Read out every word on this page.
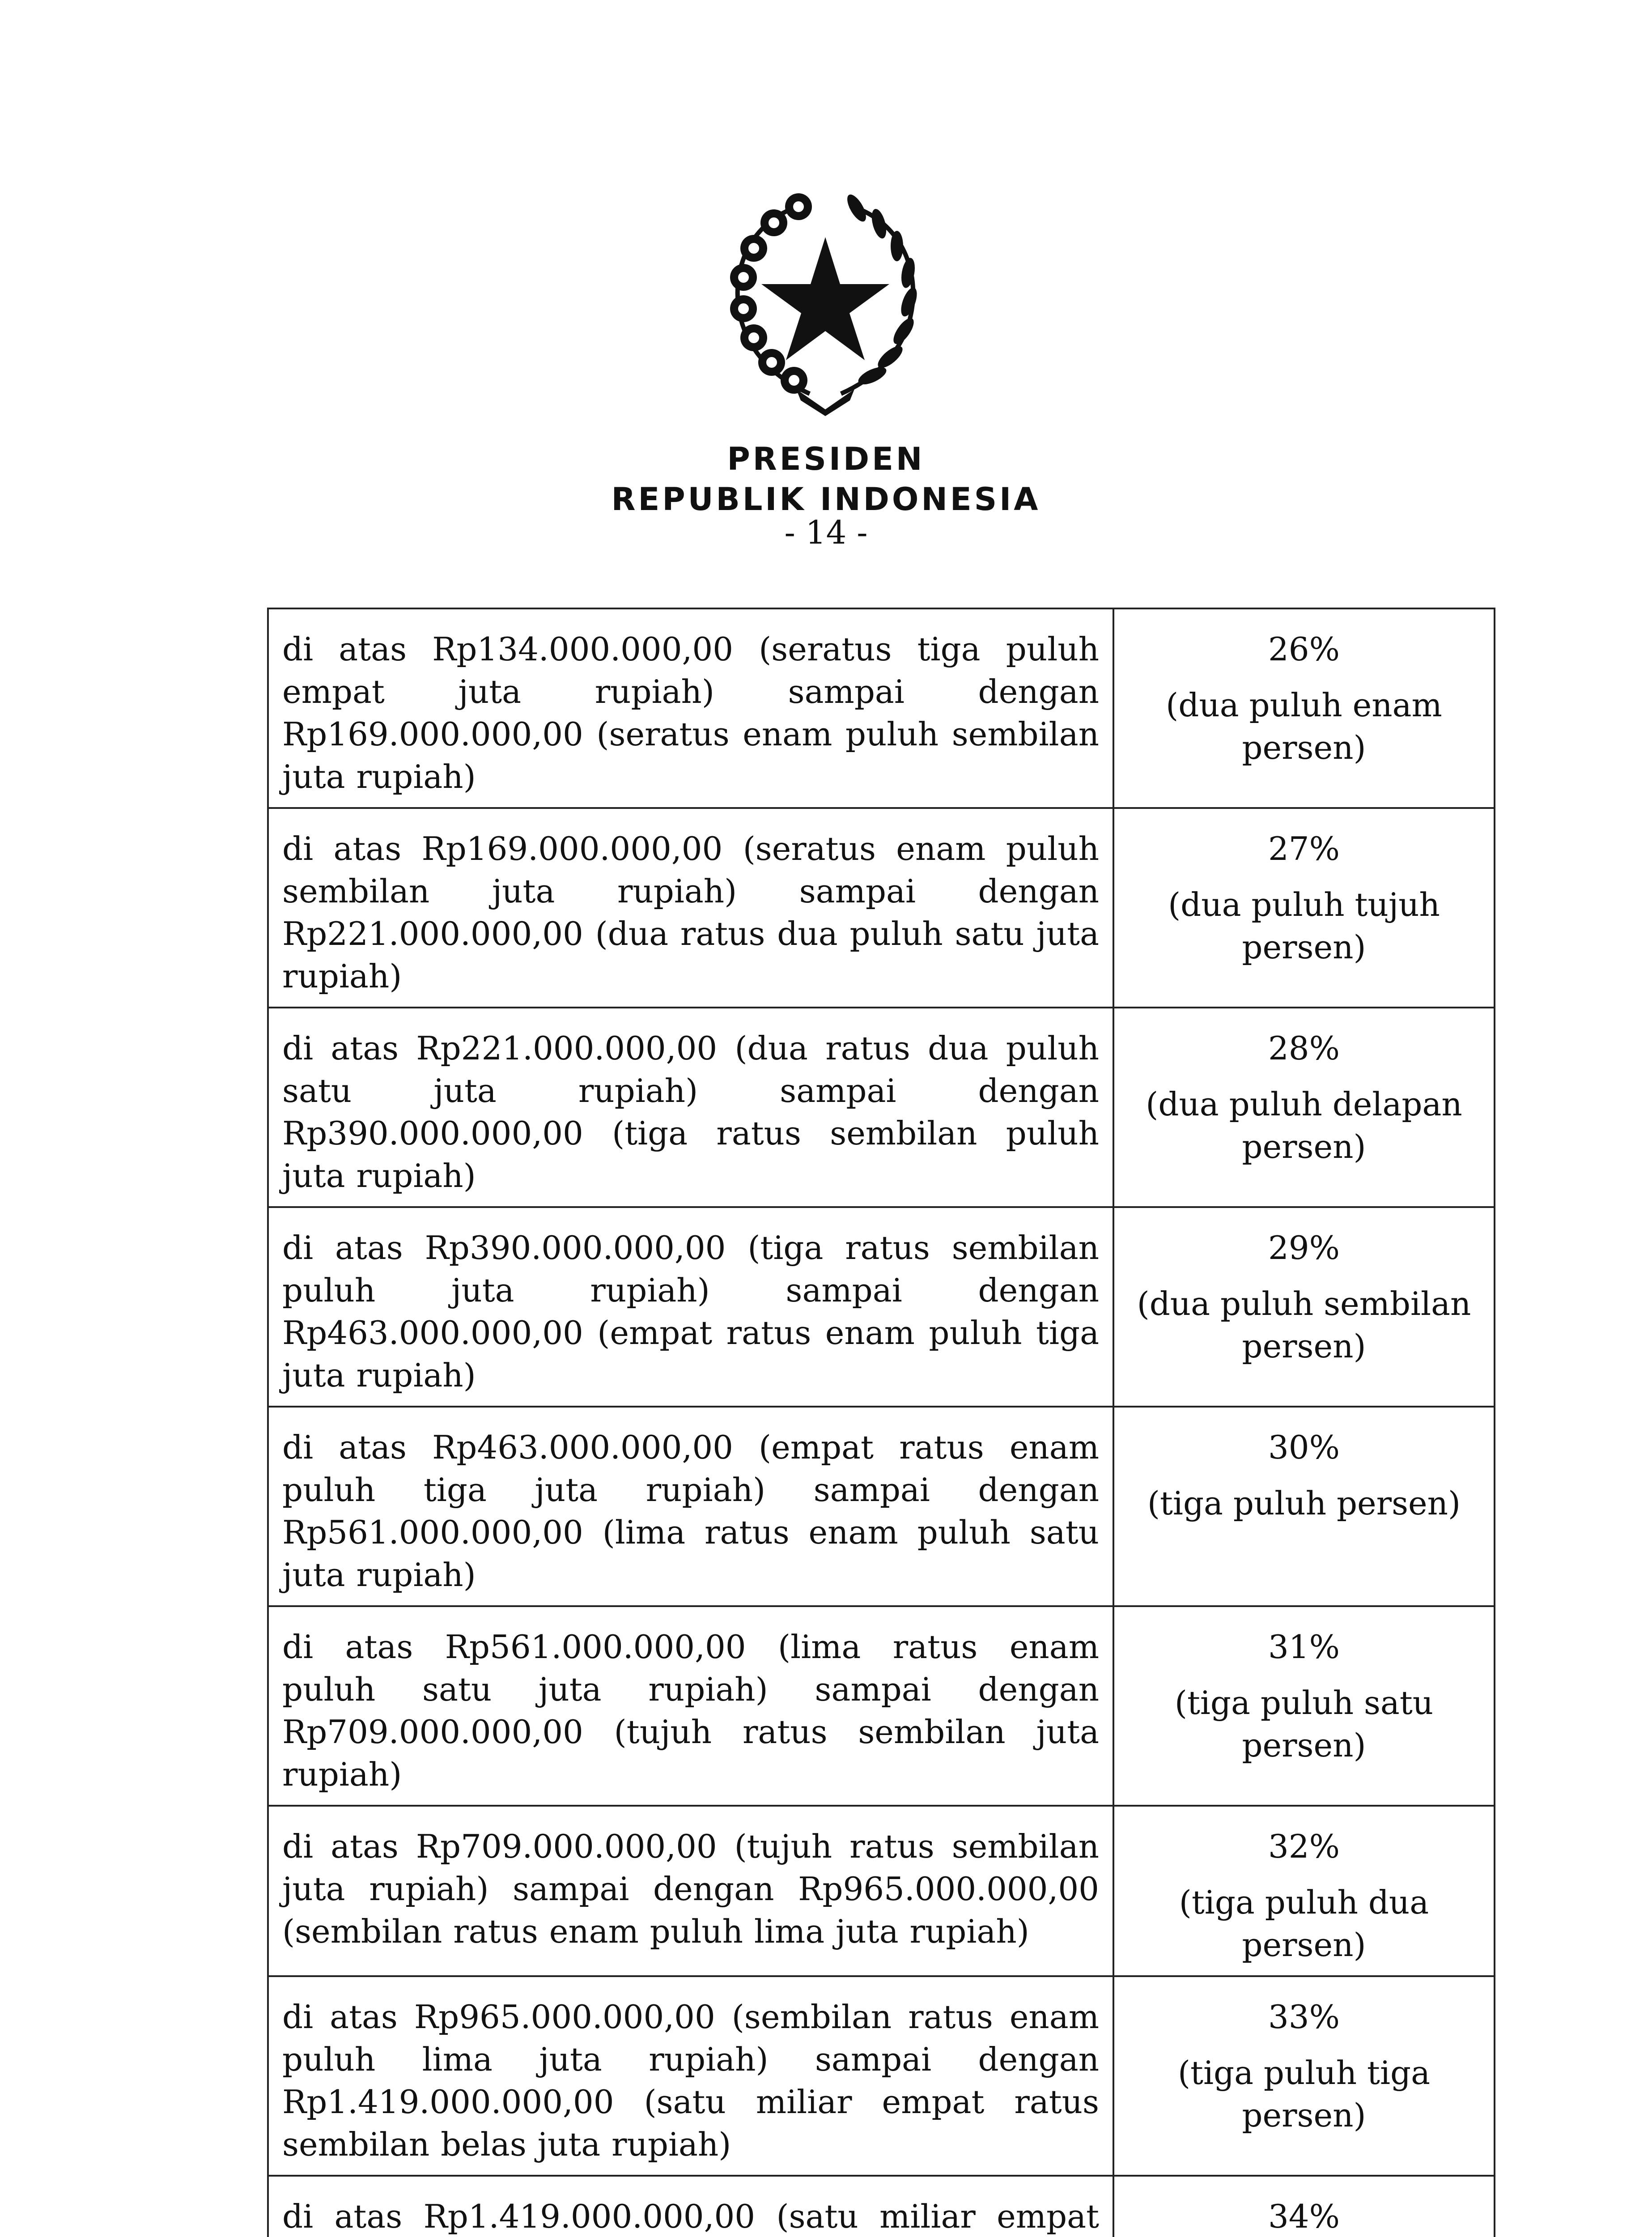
PRESIDEN
REPUBLIK INDONESIA
- 14 -
di atas Rp134.000.000,00 (seratus tiga puluh empat juta rupiah) sampai dengan Rp169.000.000,00 (seratus enam puluh sembilan juta rupiah)	26%
(dua puluh enam persen)

di atas Rp169.000.000,00 (seratus enam puluh sembilan juta rupiah) sampai dengan Rp221.000.000,00 (dua ratus dua puluh satu juta rupiah)	27%
(dua puluh tujuh persen)

di atas Rp221.000.000,00 (dua ratus dua puluh satu juta rupiah) sampai dengan Rp390.000.000,00 (tiga ratus sembilan puluh juta rupiah)	28%
(dua puluh delapan persen)

di atas Rp390.000.000,00 (tiga ratus sembilan puluh juta rupiah) sampai dengan Rp463.000.000,00 (empat ratus enam puluh tiga juta rupiah)	29%
(dua puluh sembilan persen)

di atas Rp463.000.000,00 (empat ratus enam puluh tiga juta rupiah) sampai dengan Rp561.000.000,00 (lima ratus enam puluh satu juta rupiah)	30%
(tiga puluh persen)

di atas Rp561.000.000,00 (lima ratus enam puluh satu juta rupiah) sampai dengan Rp709.000.000,00 (tujuh ratus sembilan juta rupiah)	31%
(tiga puluh satu persen)

di atas Rp709.000.000,00 (tujuh ratus sembilan juta rupiah) sampai dengan Rp965.000.000,00 (sembilan ratus enam puluh lima juta rupiah)	32%
(tiga puluh dua persen)

di atas Rp965.000.000,00 (sembilan ratus enam puluh lima juta rupiah) sampai dengan Rp1.419.000.000,00 (satu miliar empat ratus sembilan belas juta rupiah)	33%
(tiga puluh tiga persen)

di atas Rp1.419.000.000,00 (satu miliar empat	34%
